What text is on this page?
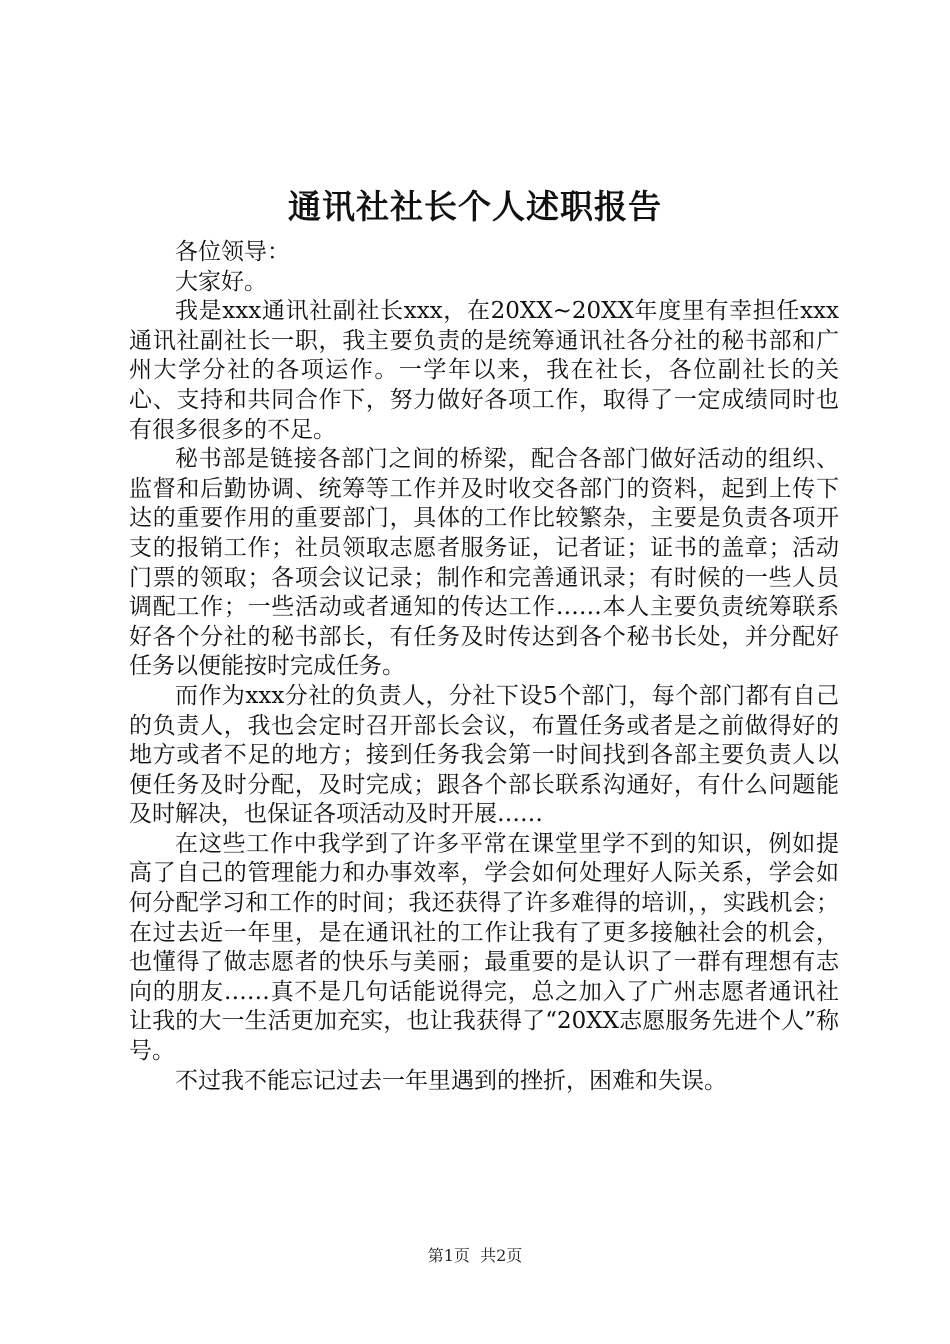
通讯社社长个人述职报告

各位领导：

大家好。

我是xxx通讯社副社长xxx，在20XX~20XX年度里有幸担任xxx通讯社副社长一职，我主要负责的是统筹通讯社各分社的秘书部和广州大学分社的各项运作。一学年以来，我在社长，各位副社长的关心、支持和共同合作下，努力做好各项工作，取得了一定成绩同时也有很多很多的不足。

秘书部是链接各部门之间的桥梁，配合各部门做好活动的组织、监督和后勤协调、统筹等工作并及时收交各部门的资料，起到上传下达的重要作用的重要部门，具体的工作比较繁杂，主要是负责各项开支的报销工作；社员领取志愿者服务证，记者证；证书的盖章；活动门票的领取；各项会议记录；制作和完善通讯录；有时候的一些人员调配工作；一些活动或者通知的传达工作……本人主要负责统筹联系好各个分社的秘书部长，有任务及时传达到各个秘书长处，并分配好任务以便能按时完成任务。

而作为xxx分社的负责人，分社下设5个部门，每个部门都有自己的负责人，我也会定时召开部长会议，布置任务或者是之前做得好的地方或者不足的地方；接到任务我会第一时间找到各部主要负责人以便任务及时分配，及时完成；跟各个部长联系沟通好，有什么问题能及时解决，也保证各项活动及时开展……

在这些工作中我学到了许多平常在课堂里学不到的知识，例如提高了自己的管理能力和办事效率，学会如何处理好人际关系，学会如何分配学习和工作的时间；我还获得了许多难得的培训，，实践机会；在过去近一年里，是在通讯社的工作让我有了更多接触社会的机会，也懂得了做志愿者的快乐与美丽；最重要的是认识了一群有理想有志向的朋友……真不是几句话能说得完，总之加入了广州志愿者通讯社让我的大一生活更加充实，也让我获得了“20XX志愿服务先进个人”称号。

不过我不能忘记过去一年里遇到的挫折，困难和失误。

第1页 共2页
